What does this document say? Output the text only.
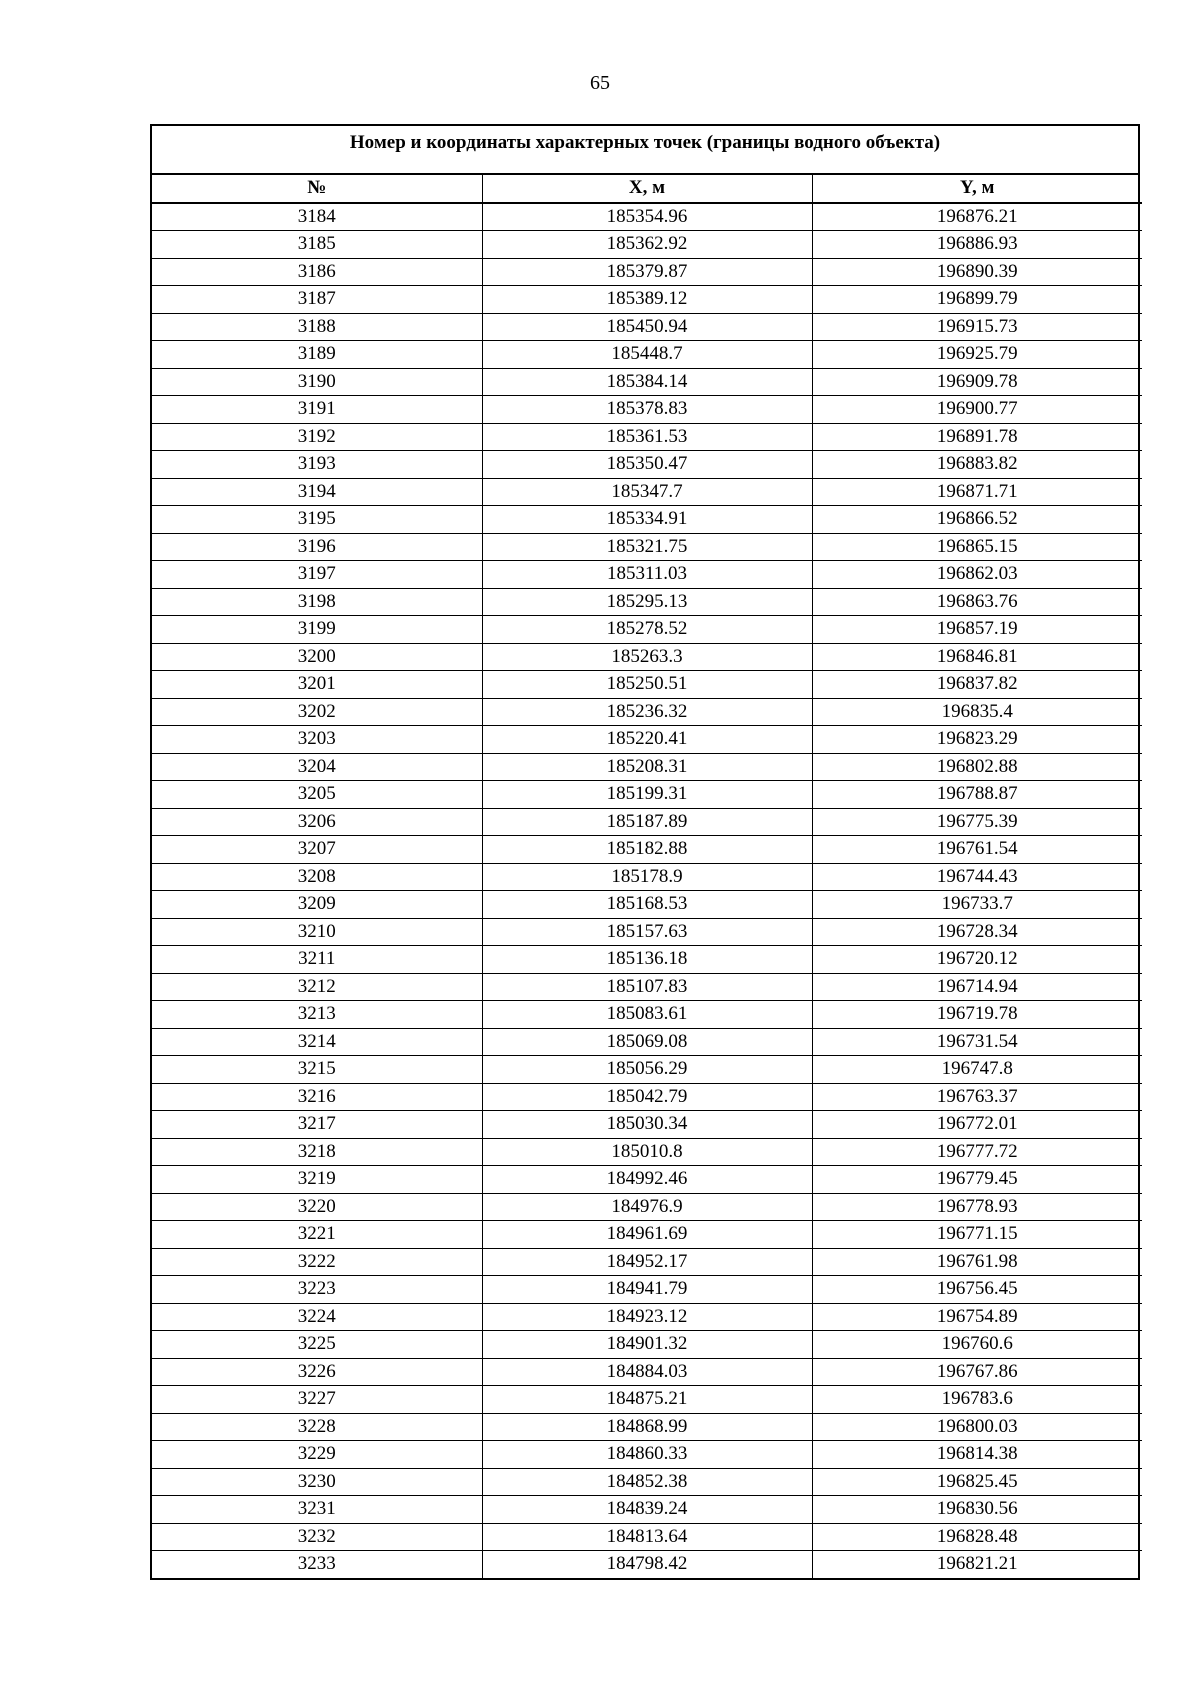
65
Номер и координаты характерных точек (границы водного объекта)
№	X, м	Y, м
3184	185354.96	196876.21
3185	185362.92	196886.93
3186	185379.87	196890.39
3187	185389.12	196899.79
3188	185450.94	196915.73
3189	185448.7	196925.79
3190	185384.14	196909.78
3191	185378.83	196900.77
3192	185361.53	196891.78
3193	185350.47	196883.82
3194	185347.7	196871.71
3195	185334.91	196866.52
3196	185321.75	196865.15
3197	185311.03	196862.03
3198	185295.13	196863.76
3199	185278.52	196857.19
3200	185263.3	196846.81
3201	185250.51	196837.82
3202	185236.32	196835.4
3203	185220.41	196823.29
3204	185208.31	196802.88
3205	185199.31	196788.87
3206	185187.89	196775.39
3207	185182.88	196761.54
3208	185178.9	196744.43
3209	185168.53	196733.7
3210	185157.63	196728.34
3211	185136.18	196720.12
3212	185107.83	196714.94
3213	185083.61	196719.78
3214	185069.08	196731.54
3215	185056.29	196747.8
3216	185042.79	196763.37
3217	185030.34	196772.01
3218	185010.8	196777.72
3219	184992.46	196779.45
3220	184976.9	196778.93
3221	184961.69	196771.15
3222	184952.17	196761.98
3223	184941.79	196756.45
3224	184923.12	196754.89
3225	184901.32	196760.6
3226	184884.03	196767.86
3227	184875.21	196783.6
3228	184868.99	196800.03
3229	184860.33	196814.38
3230	184852.38	196825.45
3231	184839.24	196830.56
3232	184813.64	196828.48
3233	184798.42	196821.21
